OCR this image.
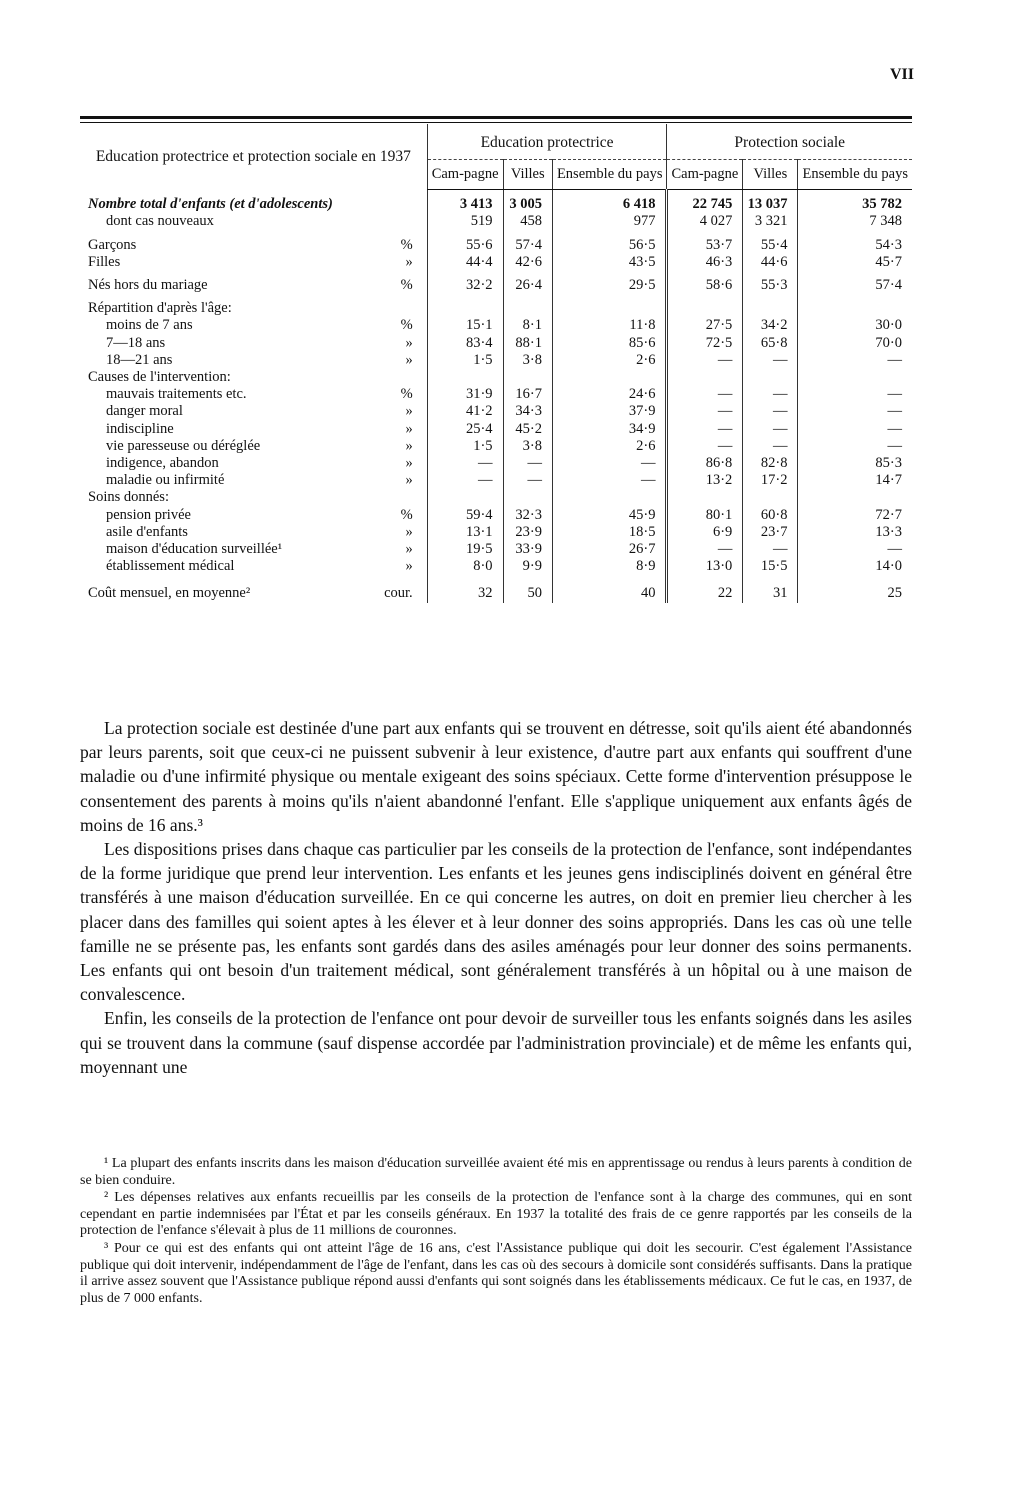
VII
Education protectrice et protection sociale en 1937		Education protectrice			Protection sociale		
		Cam-pagne	Villes	Ensemble du pays	Cam-pagne	Villes	Ensemble du pays
Nombre total d'enfants (et d'adolescents)		3 413	3 005	6 418	22 745	13 037	35 782
dont cas nouveaux		519	458	977	4 027	3 321	7 348
Garçons	%	55·6	57·4	56·5	53·7	55·4	54·3
Filles	»	44·4	42·6	43·5	46·3	44·6	45·7
Nés hors du mariage	%	32·2	26·4	29·5	58·6	55·3	57·4
Répartition d'après l'âge:							
moins de 7 ans	%	15·1	8·1	11·8	27·5	34·2	30·0
7—18 ans	»	83·4	88·1	85·6	72·5	65·8	70·0
18—21 ans	»	1·5	3·8	2·6	—	—	—
Causes de l'intervention:							
mauvais traitements etc.	%	31·9	16·7	24·6	—	—	—
danger moral	»	41·2	34·3	37·9	—	—	—
indiscipline	»	25·4	45·2	34·9	—	—	—
vie paresseuse ou déréglée	»	1·5	3·8	2·6	—	—	—
indigence, abandon	»	—	—	—	86·8	82·8	85·3
maladie ou infirmité	»	—	—	—	13·2	17·2	14·7
Soins donnés:							
pension privée	%	59·4	32·3	45·9	80·1	60·8	72·7
asile d'enfants	»	13·1	23·9	18·5	6·9	23·7	13·3
maison d'éducation surveillée¹	»	19·5	33·9	26·7	—	—	—
établissement médical	»	8·0	9·9	8·9	13·0	15·5	14·0
Coût mensuel, en moyenne²	cour.	32	50	40	22	31	25

La protection sociale est destinée d'une part aux enfants qui se trouvent en détresse, soit qu'ils aient été abandonnés par leurs parents, soit que ceux-ci ne puissent subvenir à leur existence, d'autre part aux enfants qui souffrent d'une maladie ou d'une infirmité physique ou mentale exigeant des soins spéciaux. Cette forme d'intervention présuppose le consentement des parents à moins qu'ils n'aient abandonné l'enfant. Elle s'applique uniquement aux enfants âgés de moins de 16 ans.³

Les dispositions prises dans chaque cas particulier par les conseils de la protection de l'enfance, sont indépendantes de la forme juridique que prend leur intervention. Les enfants et les jeunes gens indisciplinés doivent en général être transférés à une maison d'éducation surveillée. En ce qui concerne les autres, on doit en premier lieu chercher à les placer dans des familles qui soient aptes à les élever et à leur donner des soins appropriés. Dans les cas où une telle famille ne se présente pas, les enfants sont gardés dans des asiles aménagés pour leur donner des soins permanents. Les enfants qui ont besoin d'un traitement médical, sont généralement transférés à un hôpital ou à une maison de convalescence.

Enfin, les conseils de la protection de l'enfance ont pour devoir de surveiller tous les enfants soignés dans les asiles qui se trouvent dans la commune (sauf dispense accordée par l'administration provinciale) et de même les enfants qui, moyennant une

¹ La plupart des enfants inscrits dans les maison d'éducation surveillée avaient été mis en apprentissage ou rendus à leurs parents à condition de se bien conduire.

² Les dépenses relatives aux enfants recueillis par les conseils de la protection de l'enfance sont à la charge des communes, qui en sont cependant en partie indemnisées par l'État et par les conseils généraux. En 1937 la totalité des frais de ce genre rapportés par les conseils de la protection de l'enfance s'élevait à plus de 11 millions de couronnes.

³ Pour ce qui est des enfants qui ont atteint l'âge de 16 ans, c'est l'Assistance publique qui doit les secourir. C'est également l'Assistance publique qui doit intervenir, indépendamment de l'âge de l'enfant, dans les cas où des secours à domicile sont considérés suffisants. Dans la pratique il arrive assez souvent que l'Assistance publique répond aussi d'enfants qui sont soignés dans les établissements médicaux. Ce fut le cas, en 1937, de plus de 7 000 enfants.
